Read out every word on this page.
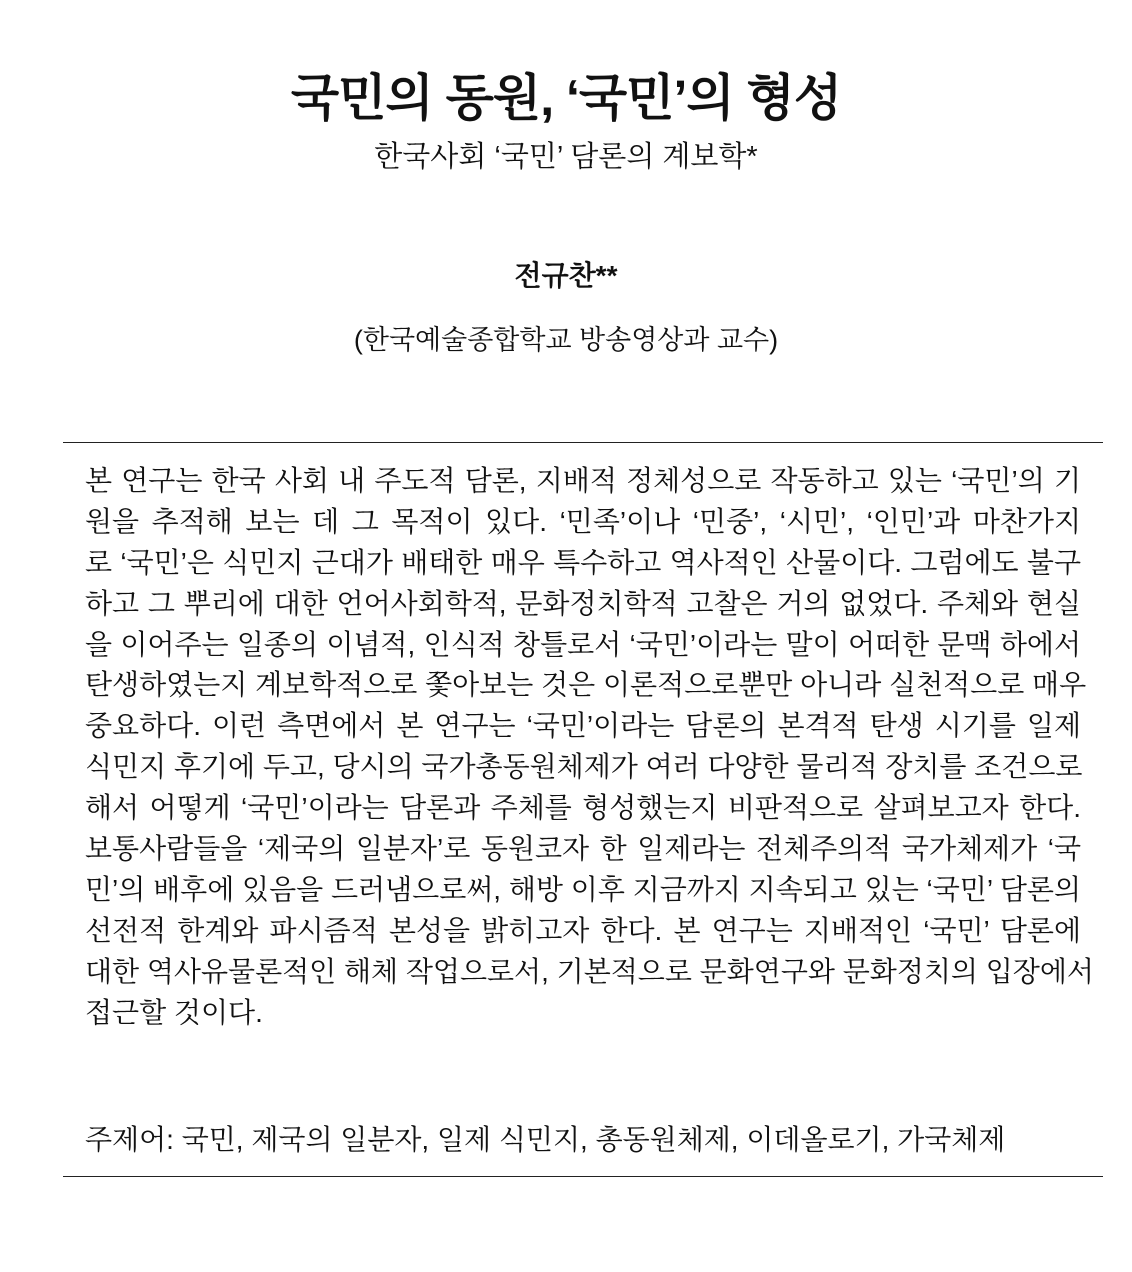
국민의 동원, ‘국민’의 형성
한국사회 ‘국민’ 담론의 계보학*
전규찬**
(한국예술종합학교 방송영상과 교수)
본 연구는 한국 사회 내 주도적 담론, 지배적 정체성으로 작동하고 있는 ‘국민’의 기
원을 추적해 보는 데 그 목적이 있다. ‘민족’이나 ‘민중’, ‘시민’, ‘인민’과 마찬가지
로 ‘국민’은 식민지 근대가 배태한 매우 특수하고 역사적인 산물이다. 그럼에도 불구
하고 그 뿌리에 대한 언어사회학적, 문화정치학적 고찰은 거의 없었다. 주체와 현실
을 이어주는 일종의 이념적, 인식적 창틀로서 ‘국민’이라는 말이 어떠한 문맥 하에서
탄생하였는지 계보학적으로 쫓아보는 것은 이론적으로뿐만 아니라 실천적으로 매우
중요하다. 이런 측면에서 본 연구는 ‘국민’이라는 담론의 본격적 탄생 시기를 일제
식민지 후기에 두고, 당시의 국가총동원체제가 여러 다양한 물리적 장치를 조건으로
해서 어떻게 ‘국민’이라는 담론과 주체를 형성했는지 비판적으로 살펴보고자 한다.
보통사람들을 ‘제국의 일분자’로 동원코자 한 일제라는 전체주의적 국가체제가 ‘국
민’의 배후에 있음을 드러냄으로써, 해방 이후 지금까지 지속되고 있는 ‘국민’ 담론의
선전적 한계와 파시즘적 본성을 밝히고자 한다. 본 연구는 지배적인 ‘국민’ 담론에
대한 역사유물론적인 해체 작업으로서, 기본적으로 문화연구와 문화정치의 입장에서
접근할 것이다.
주제어: 국민, 제국의 일분자, 일제 식민지, 총동원체제, 이데올로기, 가국체제
